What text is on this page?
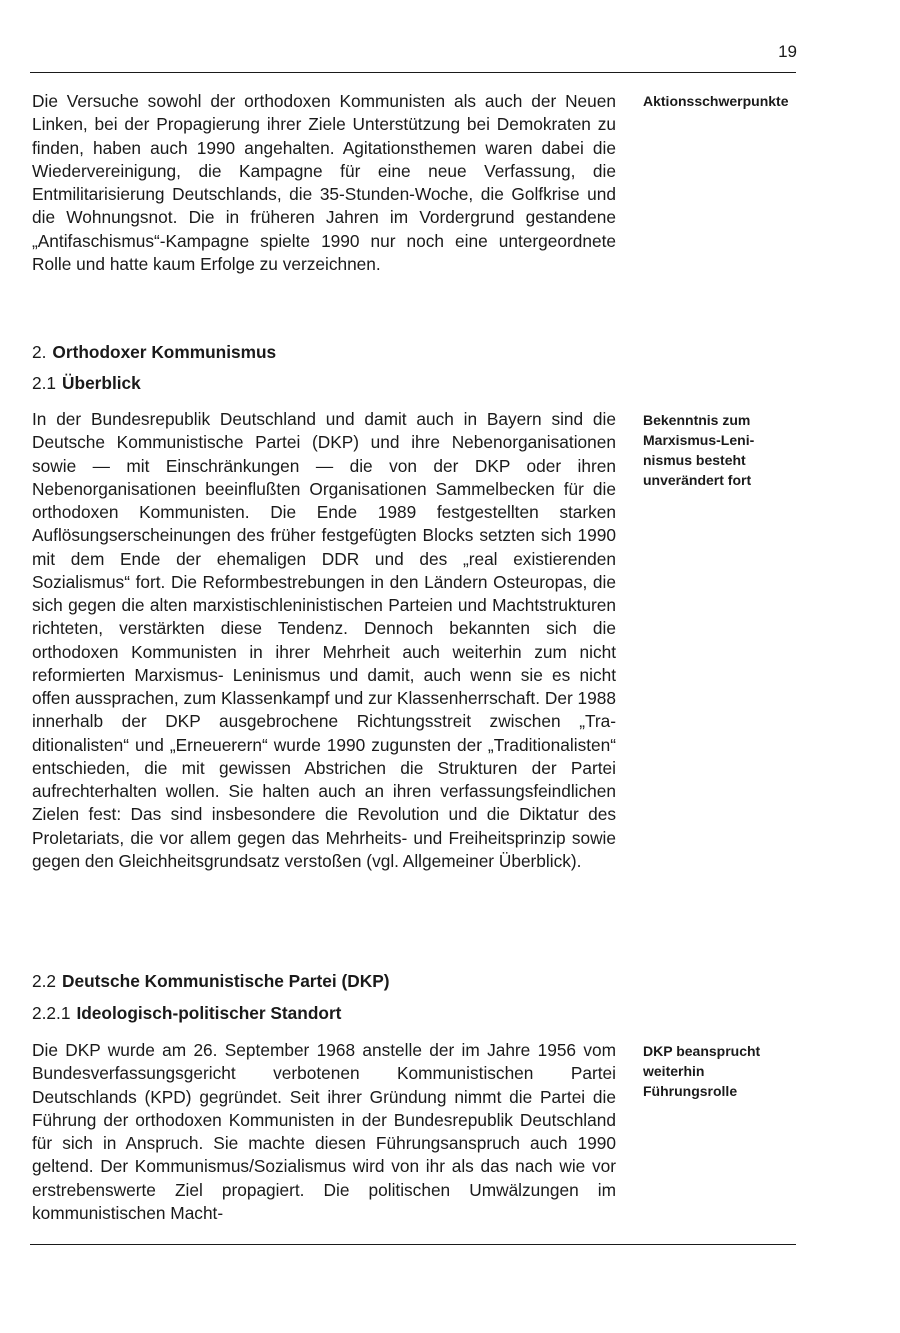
19

Die Versuche sowohl der orthodoxen Kommunisten als auch der Neuen Linken, bei der Propagierung ihrer Ziele Unterstützung bei Demokraten zu finden, haben auch 1990 angehalten. Agitationsthemen waren dabei die Wiedervereinigung, die Kampagne für eine neue Verfassung, die Entmilitarisierung Deutschlands, die 35-Stunden-Woche, die Golfkrise und die Wohnungsnot. Die in früheren Jahren im Vordergrund gestandene „Antifaschismus“-Kampagne spielte 1990 nur noch eine untergeordnete Rolle und hatte kaum Erfolge zu verzeichnen.

Aktionsschwerpunkte

2. Orthodoxer Kommunismus
2.1 Überblick

In der Bundesrepublik Deutschland und damit auch in Bayern sind die Deutsche Kommunistische Partei (DKP) und ihre Nebenorganisationen sowie — mit Einschränkungen — die von der DKP oder ihren Nebenorganisationen beeinflußten Organisationen Sammelbecken für die orthodoxen Kommunisten. Die Ende 1989 festgestellten starken Auflösungserscheinungen des früher festgefügten Blocks setzten sich 1990 mit dem Ende der ehemaligen DDR und des „real existierenden Sozialismus“ fort. Die Reformbestrebungen in den Ländern Osteuropas, die sich gegen die alten marxistischleninistischen Parteien und Machtstrukturen richteten, verstärkten diese Tendenz. Dennoch bekannten sich die orthodoxen Kommunisten in ihrer Mehrheit auch weiterhin zum nicht reformierten Marxismus- Leninismus und damit, auch wenn sie es nicht offen aussprachen, zum Klassenkampf und zur Klassenherrschaft. Der 1988 innerhalb der DKP ausgebrochene Richtungsstreit zwischen „Traditionalisten“ und „Erneuerern“ wurde 1990 zugunsten der „Traditionalisten“ entschieden, die mit gewissen Abstrichen die Strukturen der Partei aufrechterhalten wollen. Sie halten auch an ihren verfassungsfeindlichen Zielen fest: Das sind insbesondere die Revolution und die Diktatur des Proletariats, die vor allem gegen das Mehrheits- und Freiheitsprinzip sowie gegen den Gleichheitsgrundsatz verstoßen (vgl. Allgemeiner Überblick).

Bekenntnis zum Marxismus-Leninismus besteht unverändert fort

2.2 Deutsche Kommunistische Partei (DKP)
2.2.1 Ideologisch-politischer Standort

Die DKP wurde am 26. September 1968 anstelle der im Jahre 1956 vom Bundesverfassungsgericht verbotenen Kommunistischen Partei Deutschlands (KPD) gegründet. Seit ihrer Gründung nimmt die Partei die Führung der orthodoxen Kommunisten in der Bundesrepublik Deutschland für sich in Anspruch. Sie machte diesen Führungsanspruch auch 1990 geltend. Der Kommunismus/Sozialismus wird von ihr als das nach wie vor erstrebenswerte Ziel propagiert. Die politischen Umwälzungen im kommunistischen Macht-

DKP beansprucht weiterhin Führungsrolle
